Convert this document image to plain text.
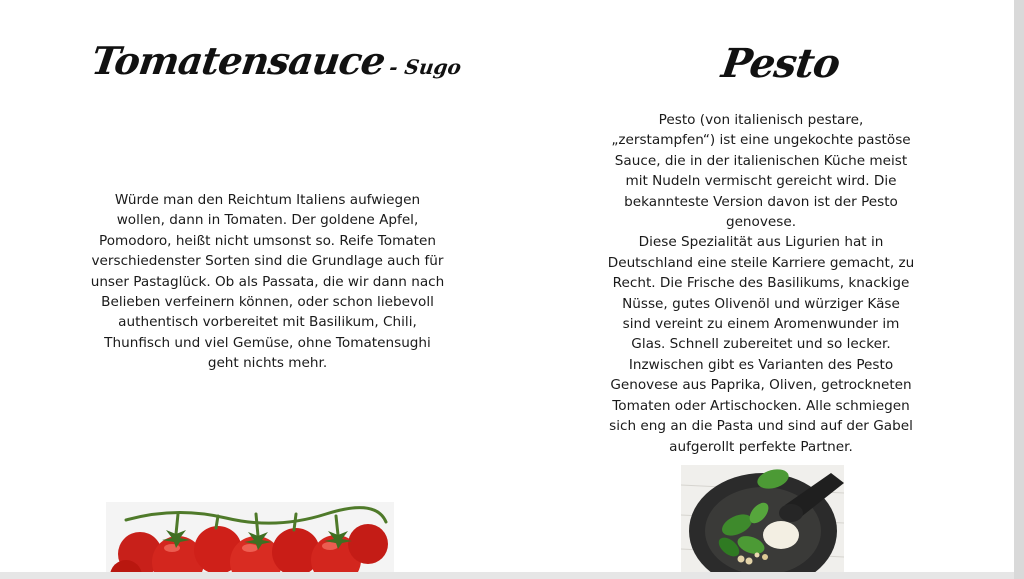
Tomatensauce- Sugo

Würde man den Reichtum Italiens aufwiegen wollen, dann in Tomaten. Der goldene Apfel, Pomodoro, heißt nicht umsonst so. Reife Tomaten verschiedenster Sorten sind die Grundlage auch für unser Pastaglück. Ob als Passata, die wir dann nach Belieben verfeinern können, oder schon liebevoll authentisch vorbereitet mit Basilikum, Chili, Thunfisch und viel Gemüse, ohne Tomatensughi geht nichts mehr.

Pesto
Pesto (von italienisch pestare, „zerstampfen“) ist eine ungekochte pastöse Sauce, die in der italienischen Küche meist mit Nudeln vermischt gereicht wird. Die bekannteste Version davon ist der Pesto genovese.
Diese Spezialität aus Ligurien hat in Deutschland eine steile Karriere gemacht, zu Recht. Die Frische des Basilikums, knackige Nüsse, gutes Olivenöl und würziger Käse sind vereint zu einem Aromenwunder im Glas. Schnell zubereitet und so lecker. Inzwischen gibt es Varianten des Pesto Genovese aus Paprika, Oliven, getrockneten Tomaten oder Artischocken. Alle schmiegen sich eng an die Pasta und sind auf der Gabel aufgerollt perfekte Partner.
